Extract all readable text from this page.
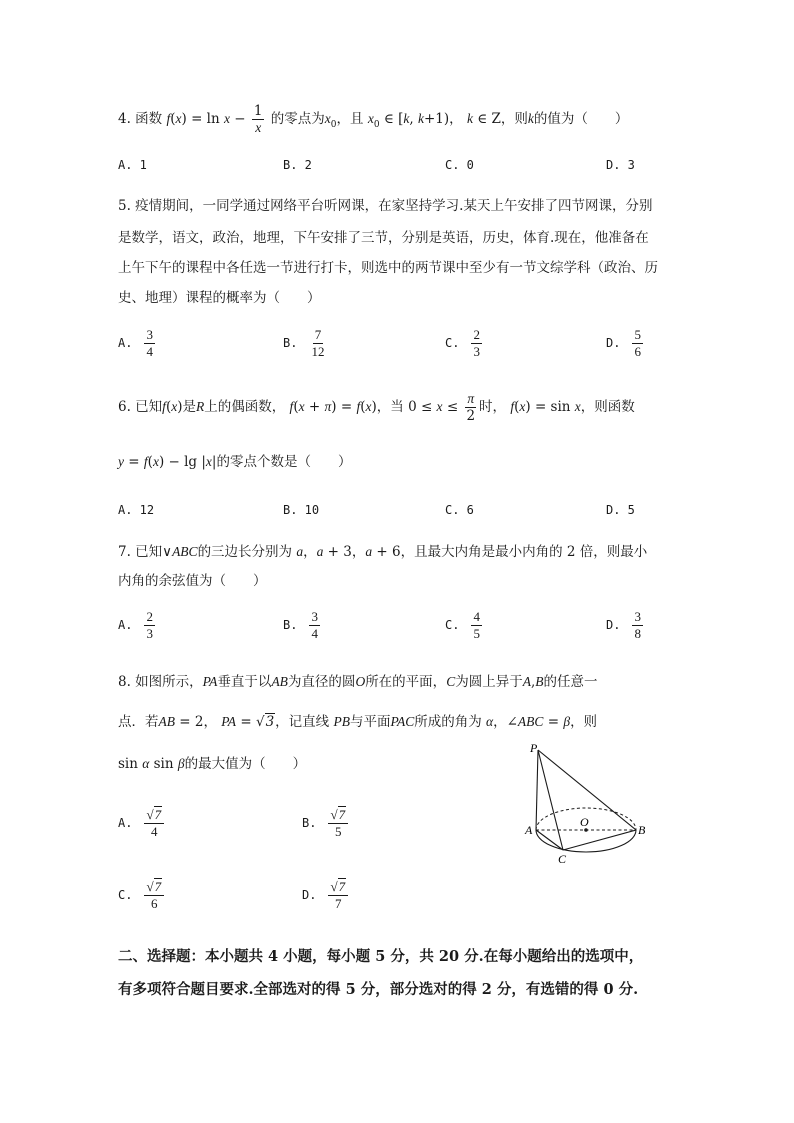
4. 函数 $f(x) = \ln x - \frac{1}{x}$ 的零点为$x_0$，且 $x_0$ ∈ [k, k+1)， k ∈ Z，则k的值为（　　）
A. 1	B. 2	C. 0	D. 3
5. 疫情期间，一同学通过网络平台听网课，在家坚持学习.某天上午安排了四节网课，分别
是数学，语文，政治，地理，下午安排了三节，分别是英语，历史，体育.现在，他准备在
上午下午的课程中各任选一节进行打卡，则选中的两节课中至少有一节文综学科（政治、历
史、地理）课程的概率为（　　）
A. $\frac{3}{4}$	B. $\frac{7}{12}$	C. $\frac{2}{3}$	D. $\frac{5}{6}$
6. 已知f(x)是R上的偶函数， f(x + π) = f(x)，当 $0 \le x \le \frac{\pi}{2}$ 时， f(x) = sin x，则函数
y = f(x) − lg |x|的零点个数是（　　）
A. 12	B. 10	C. 6	D. 5
7. 已知∨ABC的三边长分别为 a，a + 3，a + 6，且最大内角是最小内角的 2 倍，则最小
内角的余弦值为（　　）
A. $\frac{2}{3}$	B. $\frac{3}{4}$	C. $\frac{4}{5}$	D. $\frac{3}{8}$
8. 如图所示，PA垂直于以AB为直径的圆O所在的平面，C为圆上异于A,B的任意一
点．若AB = 2， PA = √3，记直线 PB与平面PAC所成的角为 α，∠ABC = β，则
sin α sin β的最大值为（　　）
A. $\frac{√7}{4}$	B. $\frac{√7}{5}$
C. $\frac{√7}{6}$	D. $\frac{√7}{7}$
P
A
O
B
C
二、选择题：本小题共 4 小题，每小题 5 分，共 20 分.在每小题给出的选项中，
有多项符合题目要求.全部选对的得 5 分，部分选对的得 2 分，有选错的得 0 分.
